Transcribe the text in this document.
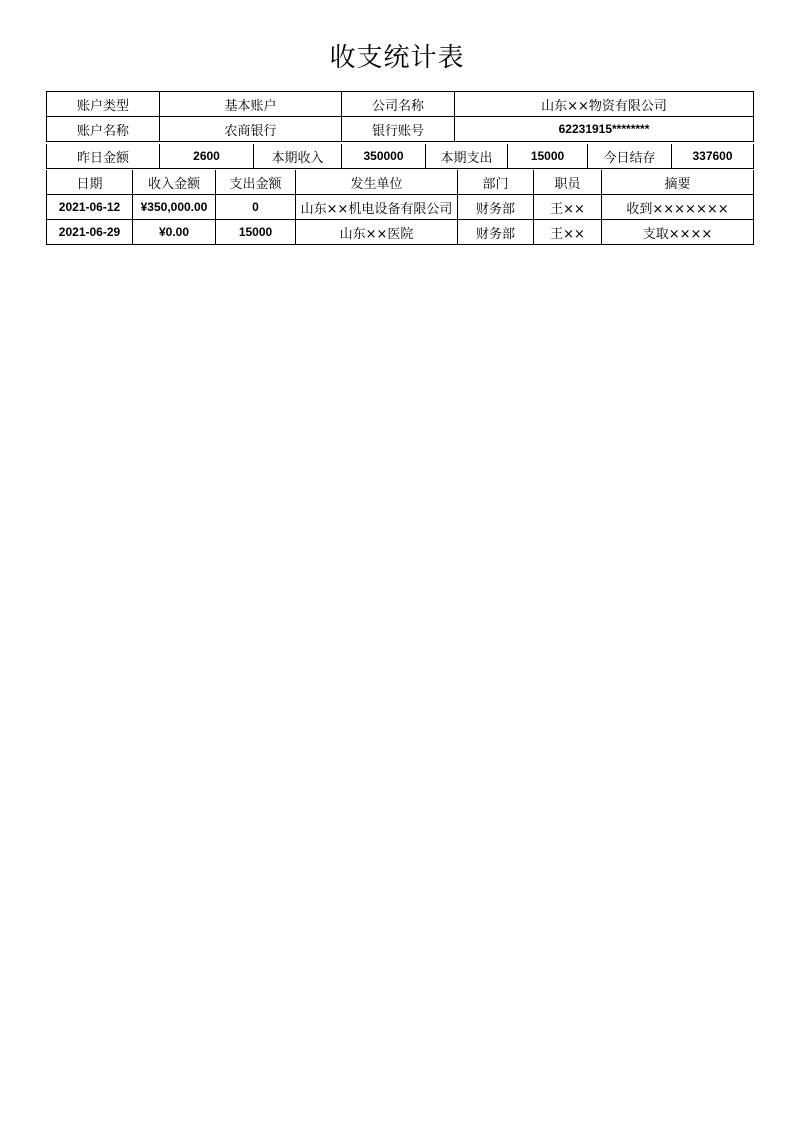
收支统计表
账户类型	基本账户	公司名称	山东××物资有限公司
账户名称	农商银行	银行账号	62231915********
昨日金额	2600	本期收入	350000	本期支出	15000	今日结存	337600
日期	收入金额	支出金额	发生单位	部门	职员	摘要
2021-06-12	¥350,000.00	0	山东××机电设备有限公司	财务部	王××	收到×××××××
2021-06-29	¥0.00	15000	山东××医院	财务部	王××	支取××××
